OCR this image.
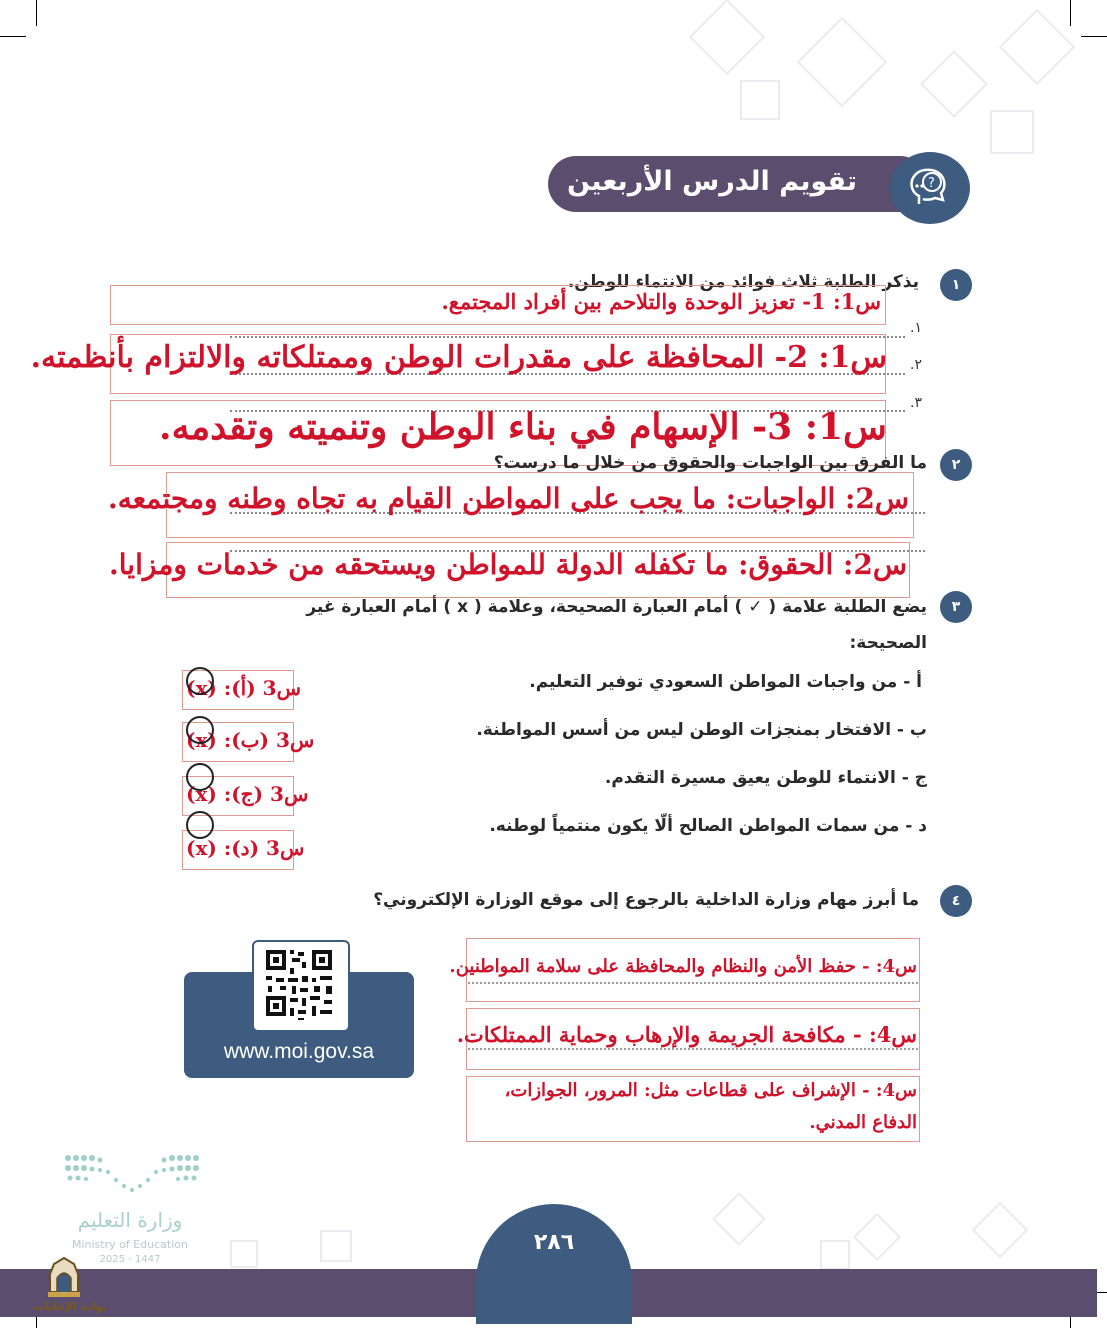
تقويم الدرس الأربعين	?
١
يذكر الطلبة ثلاث فوائد من الانتماء للوطن.
١.
٢.
٣.
س1: 1- تعزيز الوحدة والتلاحم بين أفراد المجتمع.
س1: 2- المحافظة على مقدرات الوطن وممتلكاته والالتزام بأنظمته.
س1: 3- الإسهام في بناء الوطن وتنميته وتقدمه.
٢
ما الفرق بين الواجبات والحقوق من خلال ما درست؟
س2: الواجبات: ما يجب على المواطن القيام به تجاه وطنه ومجتمعه.
س2: الحقوق: ما تكفله الدولة للمواطن ويستحقه من خدمات ومزايا.
٣
يضع الطلبة علامة ( ✓ ) أمام العبارة الصحيحة، وعلامة ( x ) أمام العبارة غير
الصحيحة:
أ - من واجبات المواطن السعودي توفير التعليم.
ب - الافتخار بمنجزات الوطن ليس من أسس المواطنة.
ج - الانتماء للوطن يعيق مسيرة التقدم.
د - من سمات المواطن الصالح ألّا يكون منتمياً لوطنه.
س3 (أ): (x)
س3 (ب): (x)
س3 (ج): (x)
س3 (د): (x)
٤
ما أبرز مهام وزارة الداخلية بالرجوع إلى موقع الوزارة الإلكتروني؟
س4: - حفظ الأمن والنظام والمحافظة على سلامة المواطنين.
س4: - مكافحة الجريمة والإرهاب وحماية الممتلكات.
س4: - الإشراف على قطاعات مثل: المرور، الجوازات،
الدفاع المدني.
www.moi.gov.sa
وزارة التعليم
Ministry of Education
2025 - 1447
٢٨٦
بوابة الإجابات
